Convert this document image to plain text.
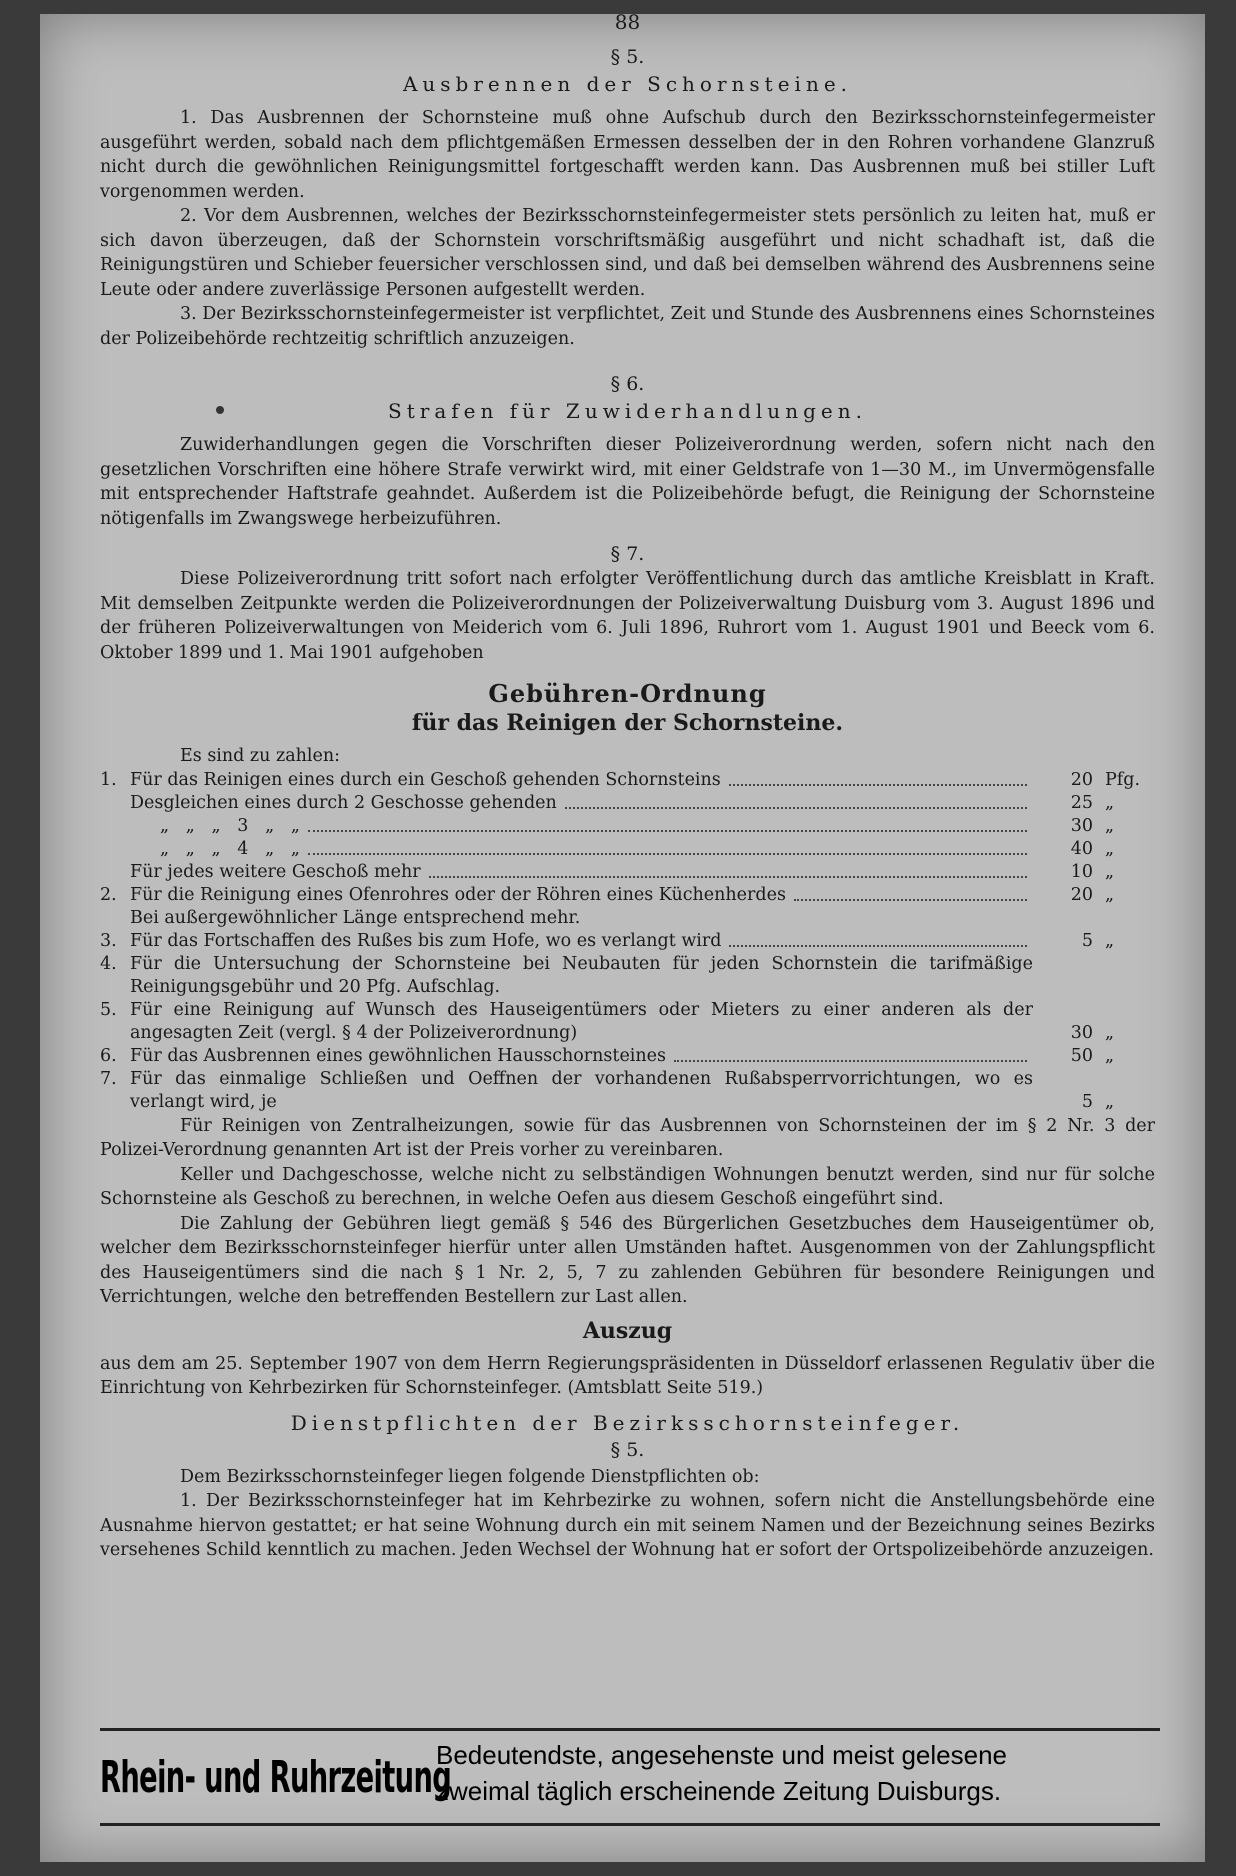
88

§ 5.

Ausbrennen der Schornsteine.

1. Das Ausbrennen der Schornsteine muß ohne Aufschub durch den Bezirksschornsteinfegermeister ausgeführt werden, sobald nach dem pflichtgemäßen Ermessen desselben der in den Rohren vorhandene Glanzruß nicht durch die gewöhnlichen Reinigungsmittel fortgeschafft werden kann. Das Ausbrennen muß bei stiller Luft vorgenommen werden.

2. Vor dem Ausbrennen, welches der Bezirksschornsteinfegermeister stets persönlich zu leiten hat, muß er sich davon überzeugen, daß der Schornstein vorschriftsmäßig ausgeführt und nicht schadhaft ist, daß die Reinigungstüren und Schieber feuersicher verschlossen sind, und daß bei demselben während des Ausbrennens seine Leute oder andere zuverlässige Personen aufgestellt werden.

3. Der Bezirksschornsteinfegermeister ist verpflichtet, Zeit und Stunde des Ausbrennens eines Schornsteines der Polizeibehörde rechtzeitig schriftlich anzuzeigen.

§ 6.

Strafen für Zuwiderhandlungen.

Zuwiderhandlungen gegen die Vorschriften dieser Polizeiverordnung werden, sofern nicht nach den gesetzlichen Vorschriften eine höhere Strafe verwirkt wird, mit einer Geldstrafe von 1—30 M., im Unvermögensfalle mit entsprechender Haftstrafe geahndet. Außerdem ist die Polizeibehörde befugt, die Reinigung der Schornsteine nötigenfalls im Zwangswege herbeizuführen.

§ 7.

Diese Polizeiverordnung tritt sofort nach erfolgter Veröffentlichung durch das amtliche Kreisblatt in Kraft. Mit demselben Zeitpunkte werden die Polizeiverordnungen der Polizeiverwaltung Duisburg vom 3. August 1896 und der früheren Polizeiverwaltungen von Meiderich vom 6. Juli 1896, Ruhrort vom 1. August 1901 und Beeck vom 6. Oktober 1899 und 1. Mai 1901 aufgehoben

Gebühren-Ordnung

für das Reinigen der Schornsteine.

Es sind zu zahlen:

1. Für das Reinigen eines durch ein Geschoß gehenden Schornsteins	20 Pfg.
Desgleichen eines durch 2 Geschosse gehenden	25 „
„   „   „   3   „   „	30 „
„   „   „   4   „   „	40 „
Für jedes weitere Geschoß mehr	10 „
2. Für die Reinigung eines Ofenrohres oder der Röhren eines Küchenherdes	20 „
Bei außergewöhnlicher Länge entsprechend mehr.
3. Für das Fortschaffen des Rußes bis zum Hofe, wo es verlangt wird	5 „
4. Für die Untersuchung der Schornsteine bei Neubauten für jeden Schornstein die tarifmäßige Reinigungsgebühr und 20 Pfg. Aufschlag.
5. Für eine Reinigung auf Wunsch des Hauseigentümers oder Mieters zu einer anderen als der angesagten Zeit (vergl. § 4 der Polizeiverordnung)	30 „
6. Für das Ausbrennen eines gewöhnlichen Hausschornsteines	50 „
7. Für das einmalige Schließen und Oeffnen der vorhandenen Rußabsperrvorrichtungen, wo es verlangt wird, je	5 „

Für Reinigen von Zentralheizungen, sowie für das Ausbrennen von Schornsteinen der im § 2 Nr. 3 der Polizei-Verordnung genannten Art ist der Preis vorher zu vereinbaren.

Keller und Dachgeschosse, welche nicht zu selbständigen Wohnungen benutzt werden, sind nur für solche Schornsteine als Geschoß zu berechnen, in welche Oefen aus diesem Geschoß eingeführt sind.

Die Zahlung der Gebühren liegt gemäß § 546 des Bürgerlichen Gesetzbuches dem Hauseigentümer ob, welcher dem Bezirksschornsteinfeger hierfür unter allen Umständen haftet. Ausgenommen von der Zahlungspflicht des Hauseigentümers sind die nach § 1 Nr. 2, 5, 7 zu zahlenden Gebühren für besondere Reinigungen und Verrichtungen, welche den betreffenden Bestellern zur Last allen.

Auszug

aus dem am 25. September 1907 von dem Herrn Regierungspräsidenten in Düsseldorf erlassenen Regulativ über die Einrichtung von Kehrbezirken für Schornsteinfeger. (Amtsblatt Seite 519.)

Dienstpflichten der Bezirksschornsteinfeger.

§ 5.

Dem Bezirksschornsteinfeger liegen folgende Dienstpflichten ob:

1. Der Bezirksschornsteinfeger hat im Kehrbezirke zu wohnen, sofern nicht die Anstellungsbehörde eine Ausnahme hiervon gestattet; er hat seine Wohnung durch ein mit seinem Namen und der Bezeichnung seines Bezirks versehenes Schild kenntlich zu machen. Jeden Wechsel der Wohnung hat er sofort der Ortspolizeibehörde anzuzeigen.

Rhein- und Ruhrzeitung
Bedeutendste, angesehenste und meist gelesene
zweimal täglich erscheinende Zeitung Duisburgs.
